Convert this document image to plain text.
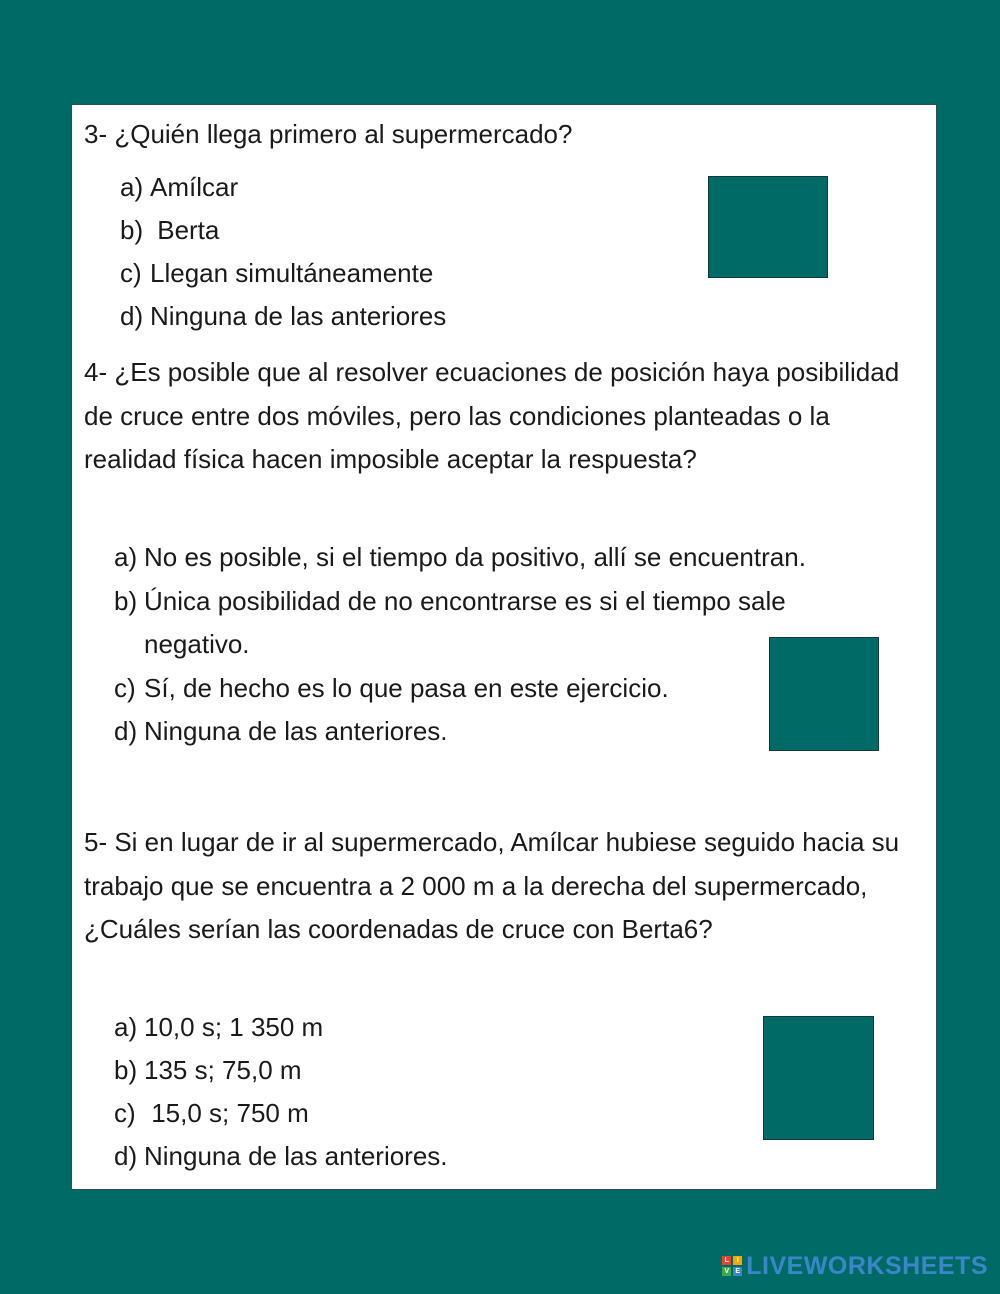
3- ¿Quién llega primero al supermercado?

a) Amílcar
b) Berta
c) Llegan simultáneamente
d) Ninguna de las anteriores

4- ¿Es posible que al resolver ecuaciones de posición haya posibilidad de cruce entre dos móviles, pero las condiciones planteadas o la realidad física hacen imposible aceptar la respuesta?

a) No es posible, si el tiempo da positivo, allí se encuentran.
b) Única posibilidad de no encontrarse es si el tiempo sale negativo.
c) Sí, de hecho es lo que pasa en este ejercicio.
d) Ninguna de las anteriores.

5- Si en lugar de ir al supermercado, Amílcar hubiese seguido hacia su trabajo que se encuentra a 2 000 m a la derecha del supermercado, ¿Cuáles serían las coordenadas de cruce con Berta6?

a) 10,0 s; 1 350 m
b) 135 s; 75,0 m
c) 15,0 s; 750 m
d) Ninguna de las anteriores.
L	I
V E LIVEWORKSHEETS
